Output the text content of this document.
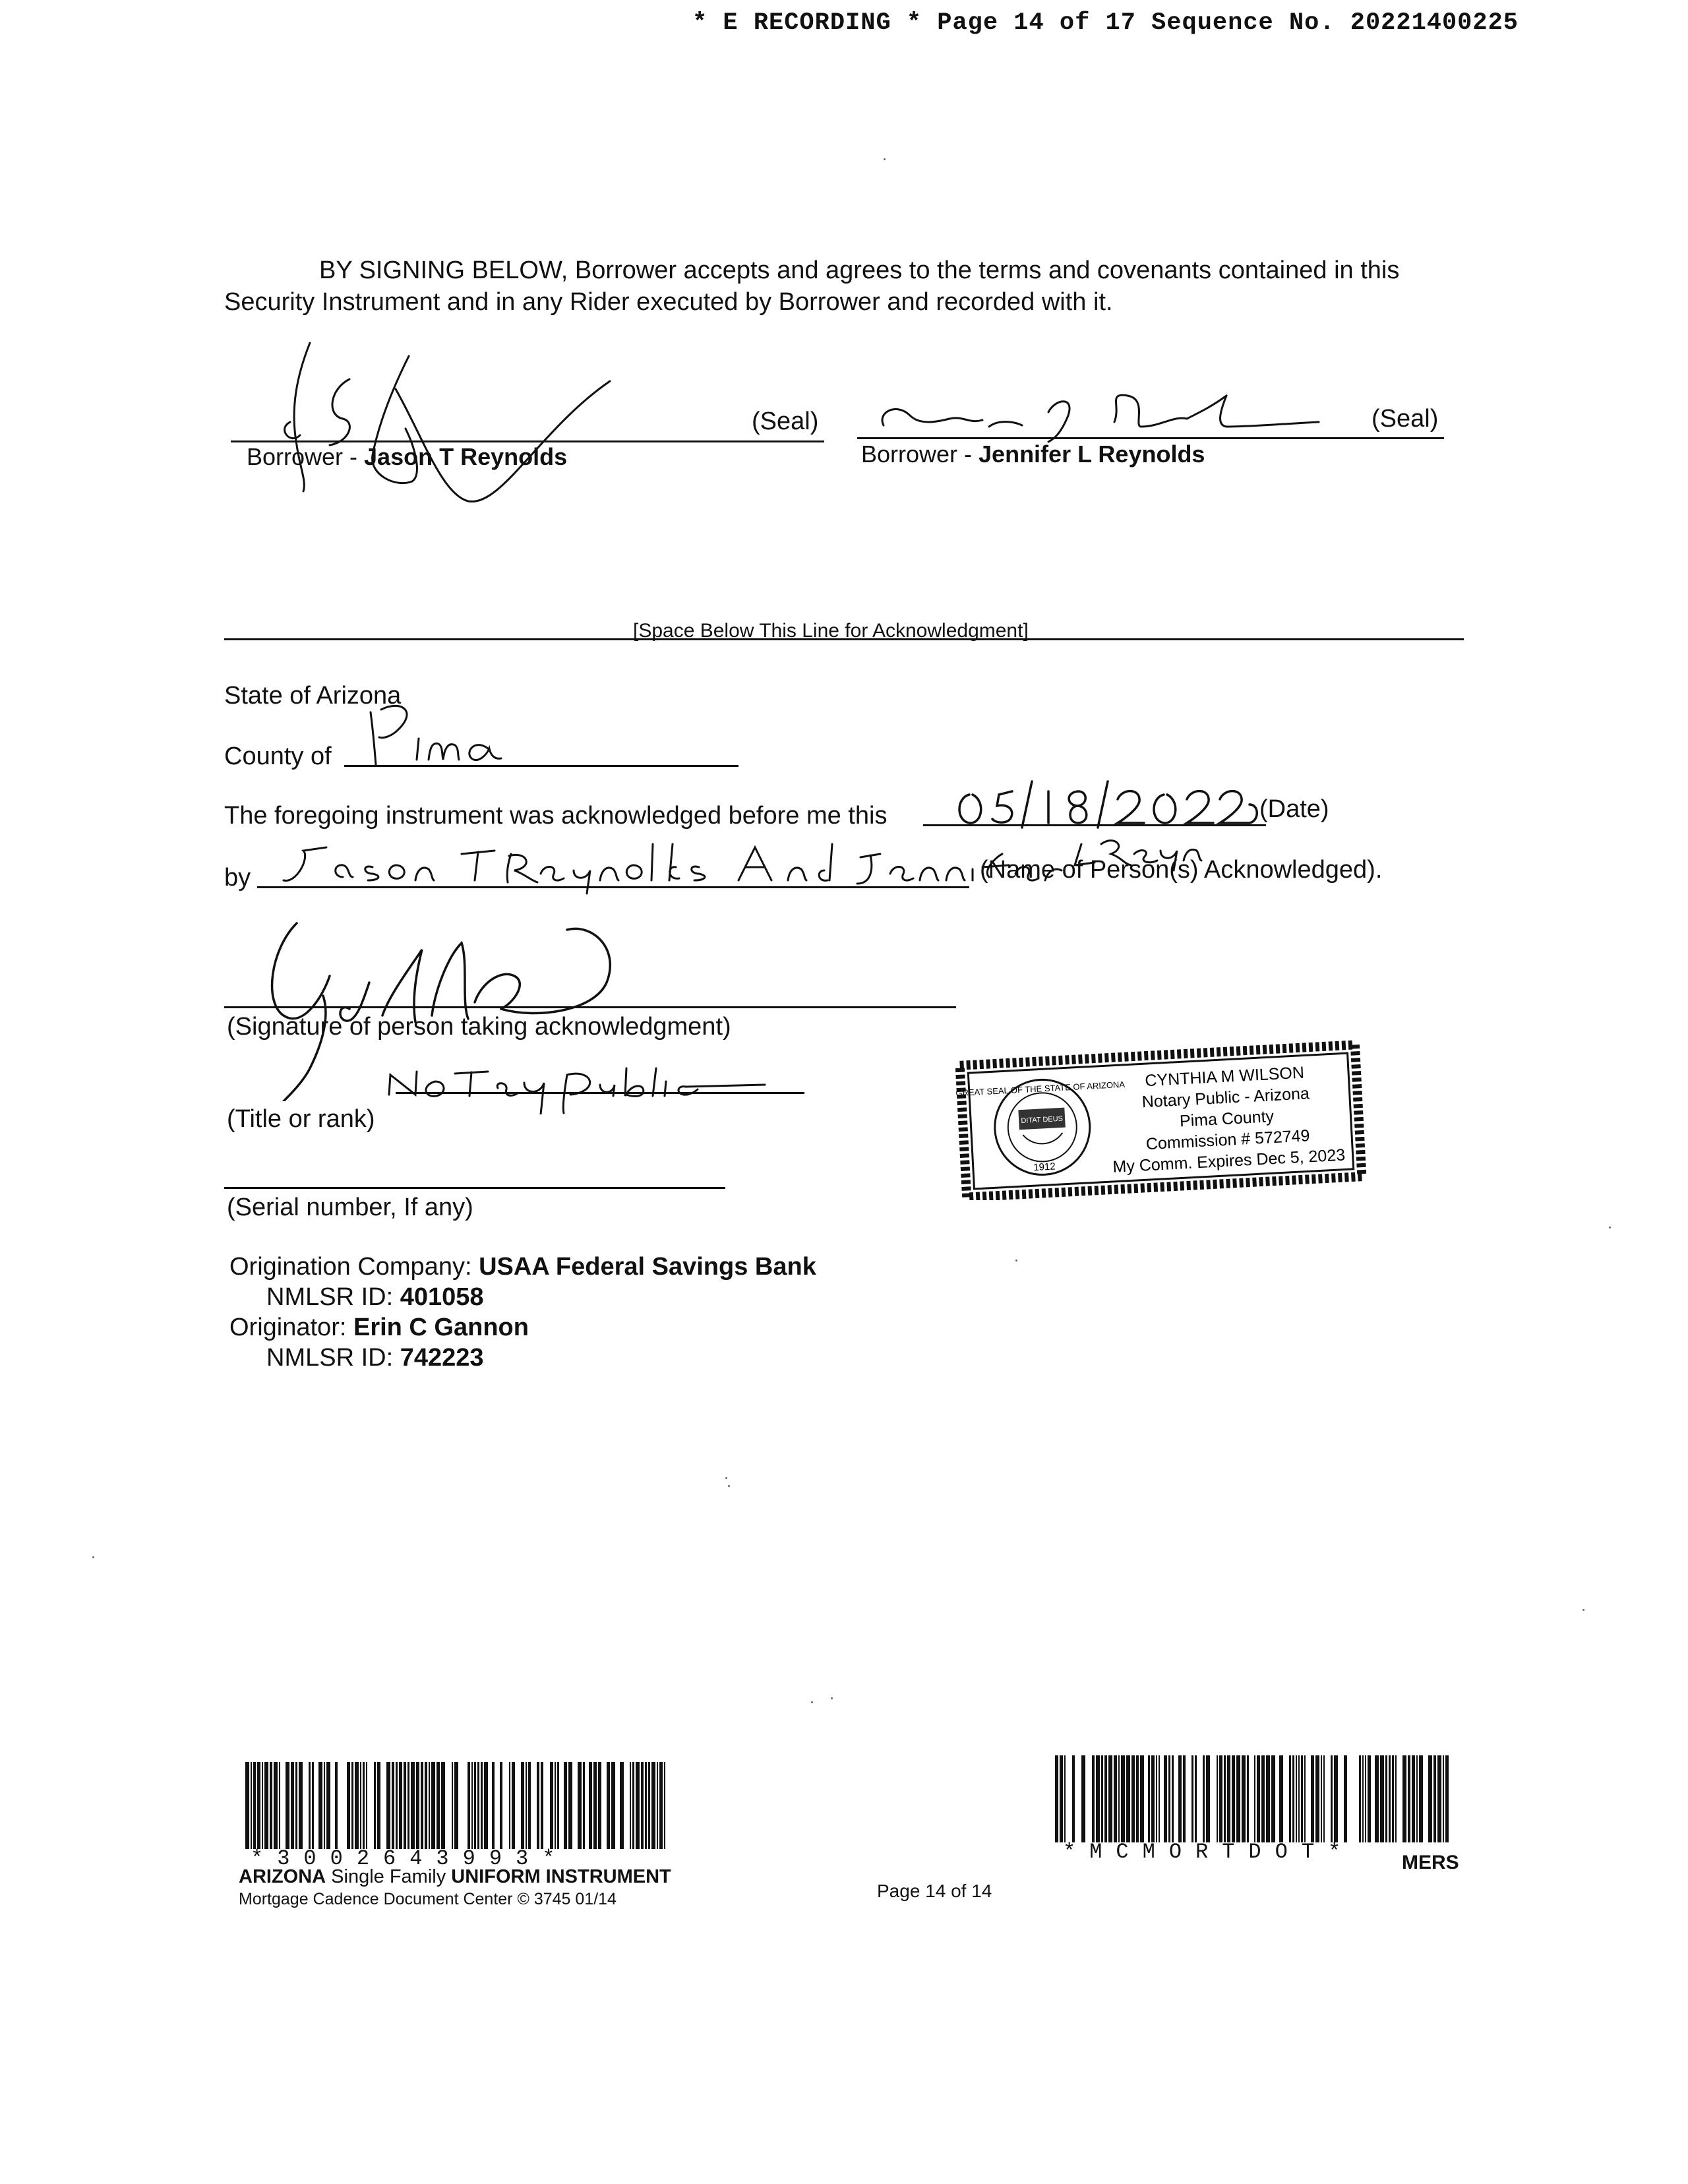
* E RECORDING * Page 14 of 17 Sequence No. 20221400225
BY SIGNING BELOW, Borrower accepts and agrees to the terms and covenants contained in this
Security Instrument and in any Rider executed by Borrower and recorded with it.
(Seal)
Borrower - Jason T Reynolds
(Seal)
Borrower - Jennifer L Reynolds
[Space Below This Line for Acknowledgment]
State of Arizona
County of
The foregoing instrument was acknowledged before me this	(Date)
by	(Name of Person(s) Acknowledged).
(Signature of person taking acknowledgment)
(Title or rank)
(Serial number, If any)
GREAT SEAL OF THE STATE OF ARIZONA
DITAT DEUS
1912
CYNTHIA M WILSON
Notary Public - Arizona
Pima County
Commission # 572749
My Comm. Expires Dec 5, 2023
Origination Company: USAA Federal Savings Bank
NMLSR ID: 401058
Originator: Erin C Gannon
NMLSR ID: 742223
*3002643993*	*MCMORTDOT* MERS
ARIZONA Single Family UNIFORM INSTRUMENT
Mortgage Cadence Document Center © 3745 01/14	Page 14 of 14
